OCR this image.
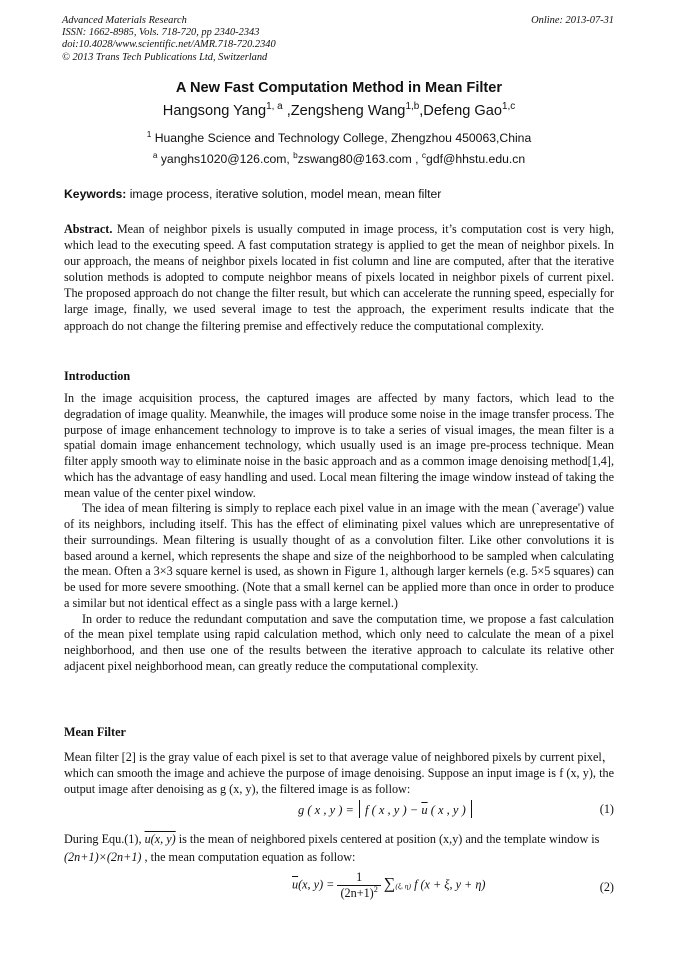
Advanced Materials Research
ISSN: 1662-8985, Vols. 718-720, pp 2340-2343
doi:10.4028/www.scientific.net/AMR.718-720.2340
© 2013 Trans Tech Publications Ltd, Switzerland
Online: 2013-07-31
A New Fast Computation Method in Mean Filter
Hangsong Yang$^{1, a}$ ,Zengsheng Wang$^{1,b}$,Defeng Gao$^{1,c}$
$^1$ Huanghe Science and Technology College, Zhengzhou 450063,China
$^a$ yanghs1020@126.com, $^b$zswang80@163.com , $^c$gdf@hhstu.edu.cn
Keywords: image process, iterative solution, model mean, mean filter

Abstract. Mean of neighbor pixels is usually computed in image process, it’s computation cost is very high, which lead to the executing speed. A fast computation strategy is applied to get the mean of neighbor pixels. In our approach, the means of neighbor pixels located in fist column and line are computed, after that the iterative solution methods is adopted to compute neighbor means of pixels located in neighbor pixels of current pixel. The proposed approach do not change the filter result, but which can accelerate the running speed, especially for large image, finally, we used several image to test the approach, the experiment results indicate that the approach do not change the filtering premise and effectively reduce the computational complexity.

Introduction

In the image acquisition process, the captured images are affected by many factors, which lead to the degradation of image quality. Meanwhile, the images will produce some noise in the image transfer process. The purpose of image enhancement technology to improve is to take a series of visual images, the mean filter is a spatial domain image enhancement technology, which usually used is an image pre-process technique. Mean filter apply smooth way to eliminate noise in the basic approach and as a common image denoising method[1,4], which has the advantage of easy handling and used. Local mean filtering the image window instead of taking the mean value of the center pixel window.

The idea of mean filtering is simply to replace each pixel value in an image with the mean (`average') value of its neighbors, including itself. This has the effect of eliminating pixel values which are unrepresentative of their surroundings. Mean filtering is usually thought of as a convolution filter. Like other convolutions it is based around a kernel, which represents the shape and size of the neighborhood to be sampled when calculating the mean. Often a 3×3 square kernel is used, as shown in Figure 1, although larger kernels (e.g. 5×5 squares) can be used for more severe smoothing. (Note that a small kernel can be applied more than once in order to produce a similar but not identical effect as a single pass with a large kernel.)

In order to reduce the redundant computation and save the computation time, we propose a fast calculation of the mean pixel template using rapid calculation method, which only need to calculate the mean of a pixel neighborhood, and then use one of the results between the iterative approach to calculate its relative other adjacent pixel neighborhood mean, can greatly reduce the computational complexity.

Mean Filter

Mean filter [2] is the gray value of each pixel is set to that average value of neighbored pixels by current pixel， which can smooth the image and achieve the purpose of image denoising. Suppose an input image is f (x, y), the output image after denoising as g (x, y), the filtered image is as follow:

g ( x , y ) = f ( x , y ) − $\overline{u}$ ( x , y )	(1)
During Equ.(1), u(x, y) is the mean of neighbored pixels centered at position (x,y) and the template window is (2n+1)×(2n+1) , the mean computation equation as follow:
$\overline{u}(x$, $y) = \frac{1}{(2n+1)^2} \sum(\xi$, η) f (x + ξ, y + η)	(2)
